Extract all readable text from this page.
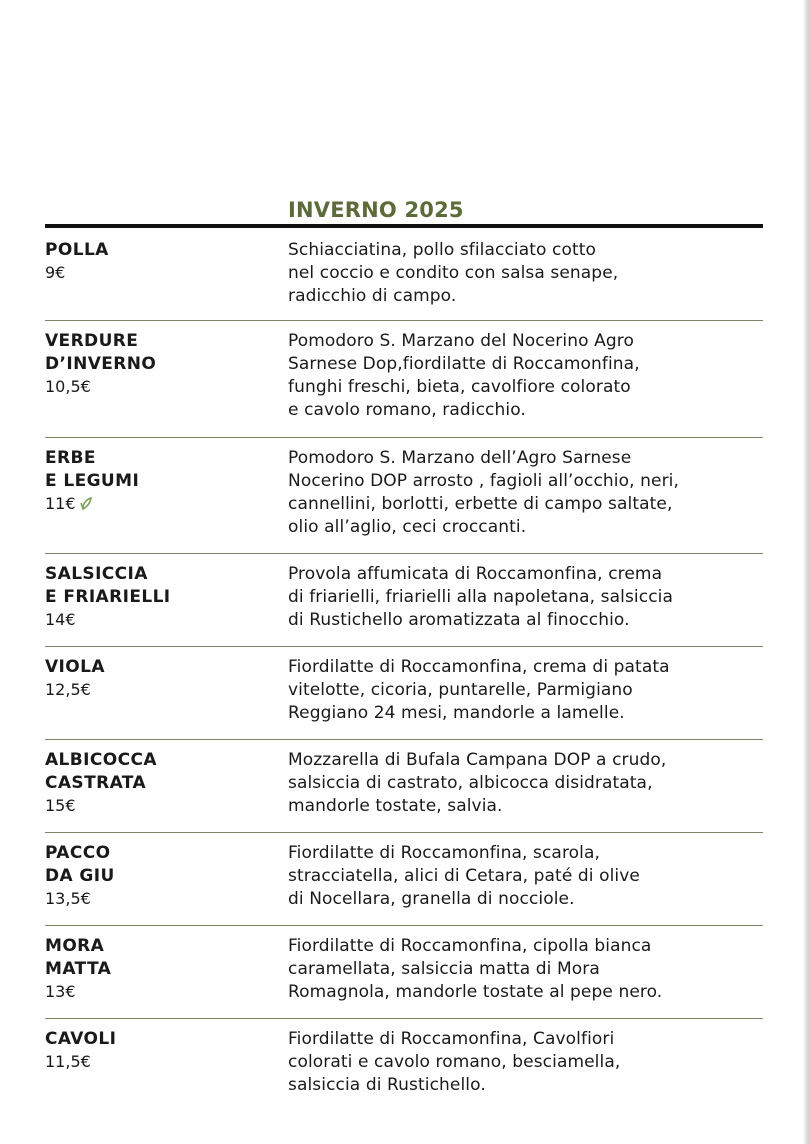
INVERNO 2025
POLLA
9€
Schiacciatina, pollo sfilacciato cotto
nel coccio e condito con salsa senape,
radicchio di campo.
VERDURE
D’INVERNO
10,5€
Pomodoro S. Marzano del Nocerino Agro
Sarnese Dop,fiordilatte di Roccamonfina,
funghi freschi, bieta, cavolfiore colorato
e cavolo romano, radicchio.
ERBE
E LEGUMI
11€
Pomodoro S. Marzano dell’Agro Sarnese
Nocerino DOP arrosto , fagioli all’occhio, neri,
cannellini, borlotti, erbette di campo saltate,
olio all’aglio, ceci croccanti.
SALSICCIA
E FRIARIELLI
14€
Provola affumicata di Roccamonfina, crema
di friarielli, friarielli alla napoletana, salsiccia
di Rustichello aromatizzata al finocchio.
VIOLA
12,5€
Fiordilatte di Roccamonfina, crema di patata
vitelotte, cicoria, puntarelle, Parmigiano
Reggiano 24 mesi, mandorle a lamelle.
ALBICOCCA
CASTRATA
15€
Mozzarella di Bufala Campana DOP a crudo,
salsiccia di castrato, albicocca disidratata,
mandorle tostate, salvia.
PACCO
DA GIU
13,5€
Fiordilatte di Roccamonfina, scarola,
stracciatella, alici di Cetara, paté di olive
di Nocellara, granella di nocciole.
MORA
MATTA
13€
Fiordilatte di Roccamonfina, cipolla bianca
caramellata, salsiccia matta di Mora
Romagnola, mandorle tostate al pepe nero.
CAVOLI
11,5€
Fiordilatte di Roccamonfina, Cavolfiori
colorati e cavolo romano, besciamella,
salsiccia di Rustichello.
